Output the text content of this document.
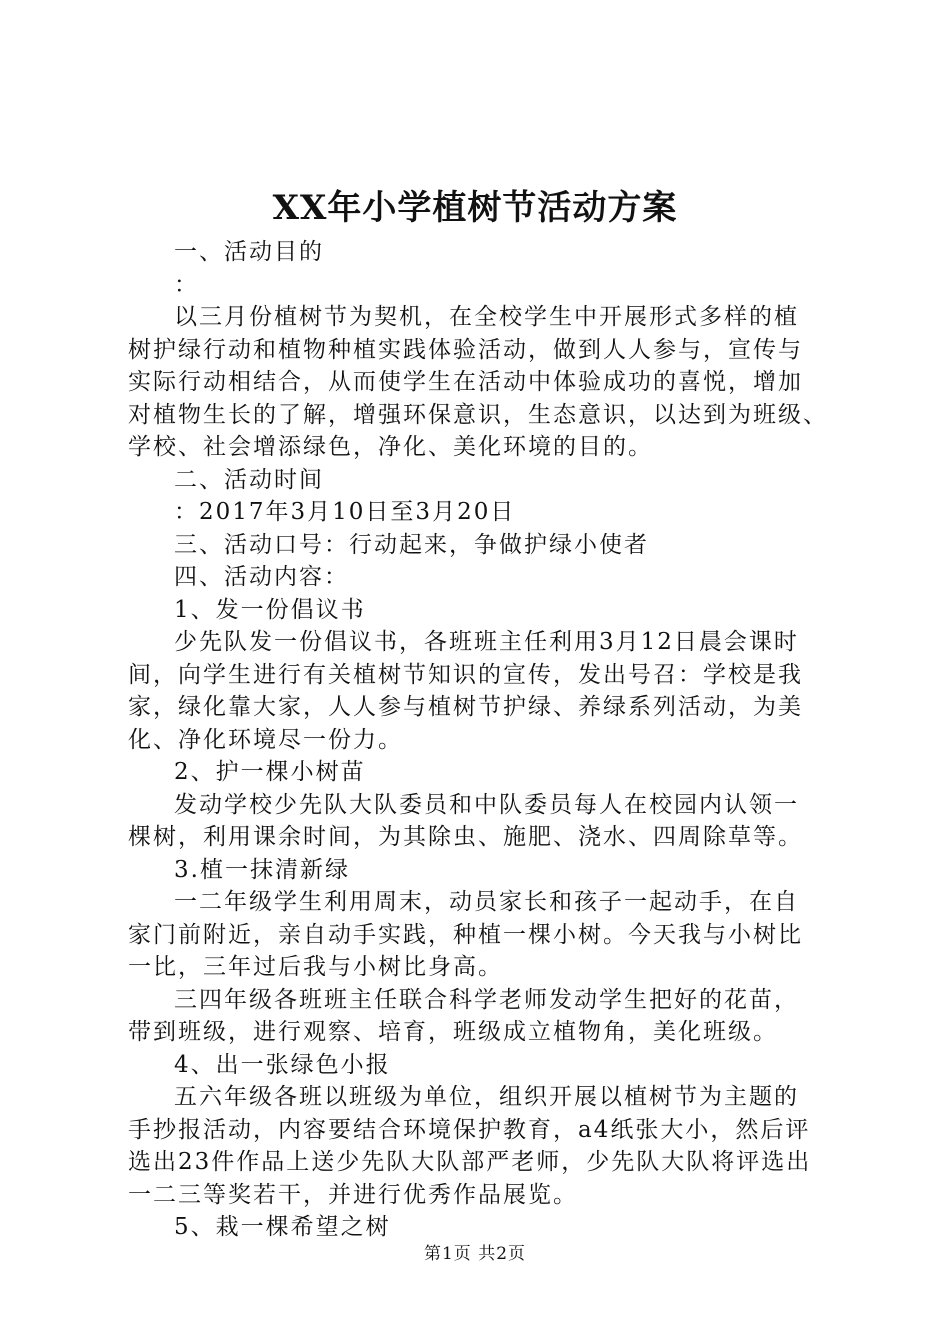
XX年小学植树节活动方案
一、活动目的
：
以三月份植树节为契机，在全校学生中开展形式多样的植
树护绿行动和植物种植实践体验活动，做到人人参与，宣传与
实际行动相结合，从而使学生在活动中体验成功的喜悦，增加
对植物生长的了解，增强环保意识，生态意识，以达到为班级、
学校、社会增添绿色，净化、美化环境的目的。
二、活动时间
：2017年3月10日至3月20日
三、活动口号：行动起来，争做护绿小使者
四、活动内容：
1、发一份倡议书
少先队发一份倡议书，各班班主任利用3月12日晨会课时
间，向学生进行有关植树节知识的宣传，发出号召：学校是我
家，绿化靠大家，人人参与植树节护绿、养绿系列活动，为美
化、净化环境尽一份力。
2、护一棵小树苗
发动学校少先队大队委员和中队委员每人在校园内认领一
棵树，利用课余时间，为其除虫、施肥、浇水、四周除草等。
3.植一抹清新绿
一二年级学生利用周末，动员家长和孩子一起动手，在自
家门前附近，亲自动手实践，种植一棵小树。今天我与小树比
一比，三年过后我与小树比身高。
三四年级各班班主任联合科学老师发动学生把好的花苗，
带到班级，进行观察、培育，班级成立植物角，美化班级。
4、出一张绿色小报
五六年级各班以班级为单位，组织开展以植树节为主题的
手抄报活动，内容要结合环境保护教育，a4纸张大小，然后评
选出23件作品上送少先队大队部严老师，少先队大队将评选出
一二三等奖若干，并进行优秀作品展览。
5、栽一棵希望之树
第1页 共2页
